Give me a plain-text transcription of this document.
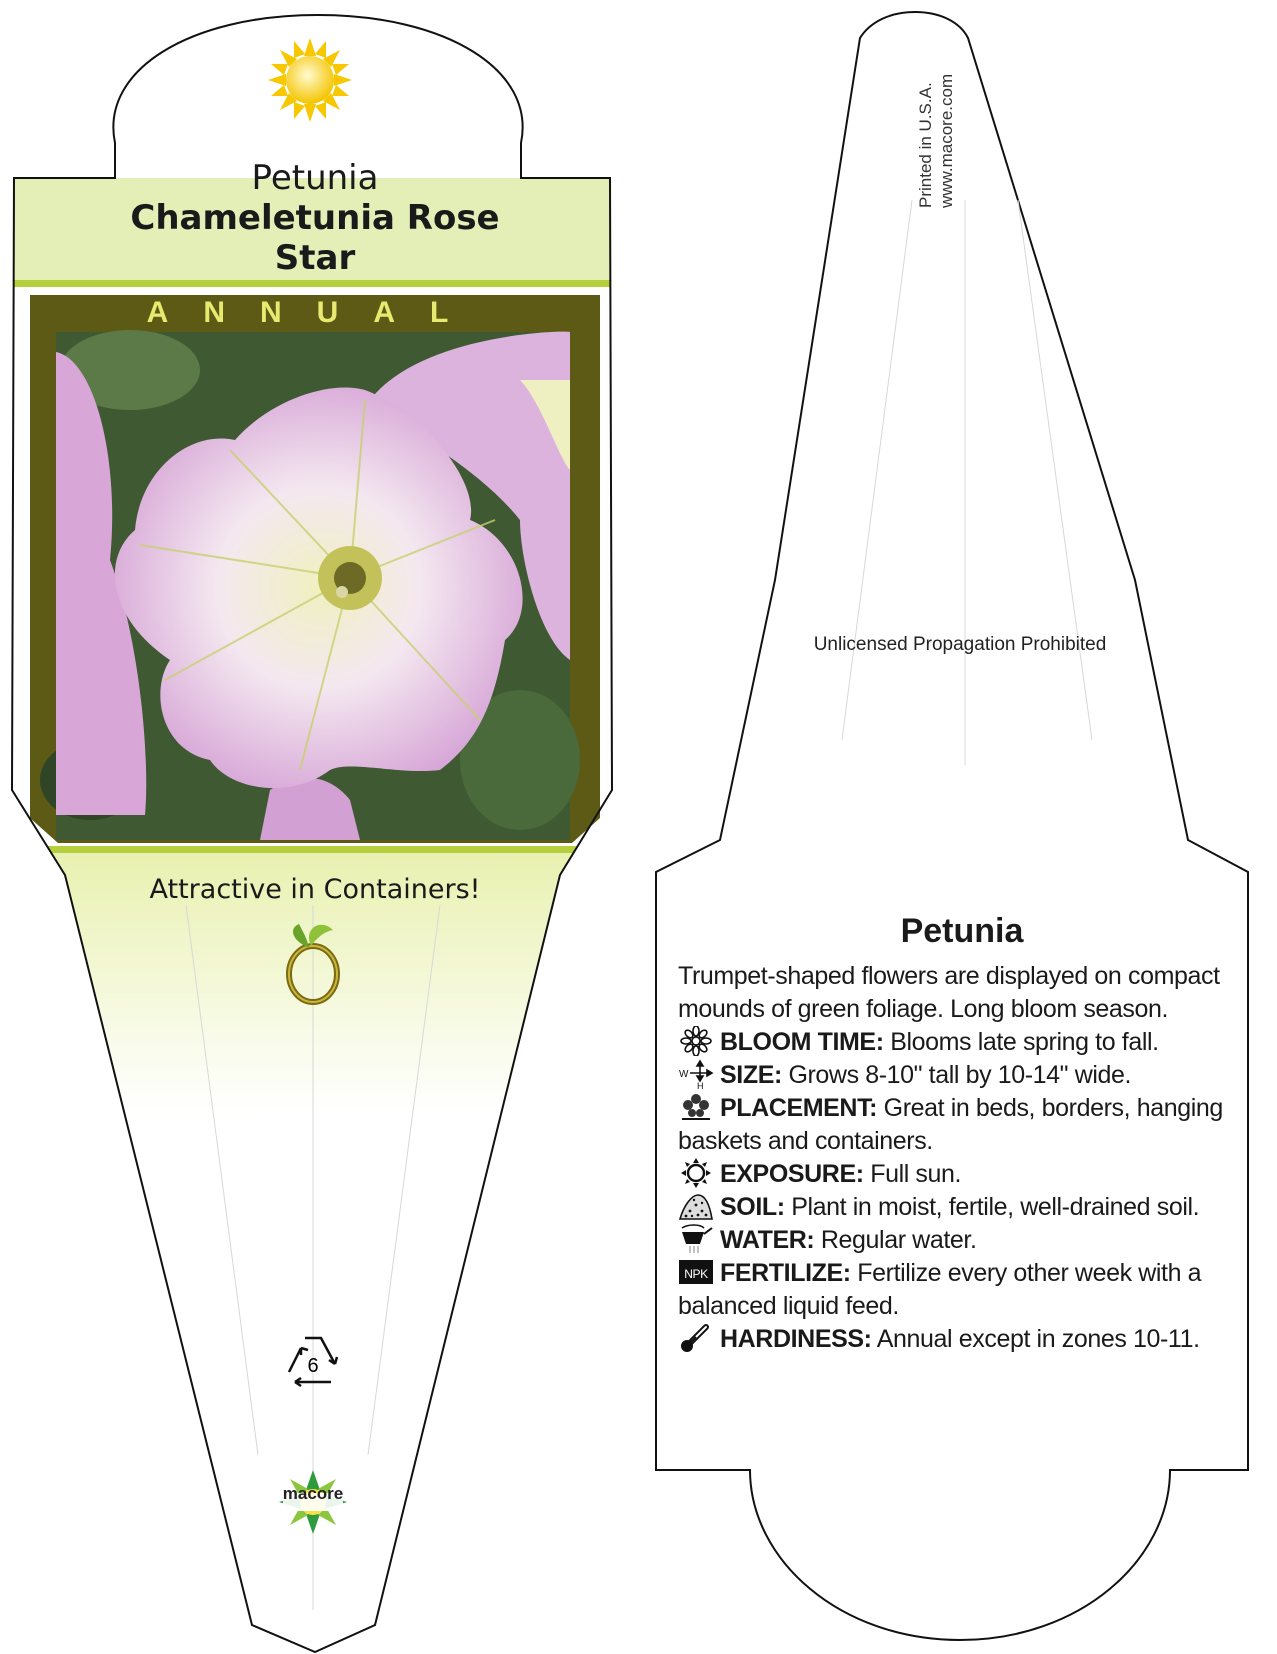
Petunia
Chameletunia Rose
Star
ANNUAL
Attractive in Containers!
6
macore
Printed in U.S.A. www.macore.com
Unlicensed Propagation Prohibited
Petunia

Trumpet-shaped flowers are displayed on compact mounds of green foliage. Long bloom season.

BLOOM TIME: Blooms late spring to fall.

W
H SIZE: Grows 8-10" tall by 10-14" wide.

PLACEMENT: Great in beds, borders, hanging baskets and containers.

EXPOSURE: Full sun.

SOIL: Plant in moist, fertile, well-drained soil.

WATER: Regular water.

NPK FERTILIZE: Fertilize every other week with a balanced liquid feed.

HARDINESS: Annual except in zones 10-11.
